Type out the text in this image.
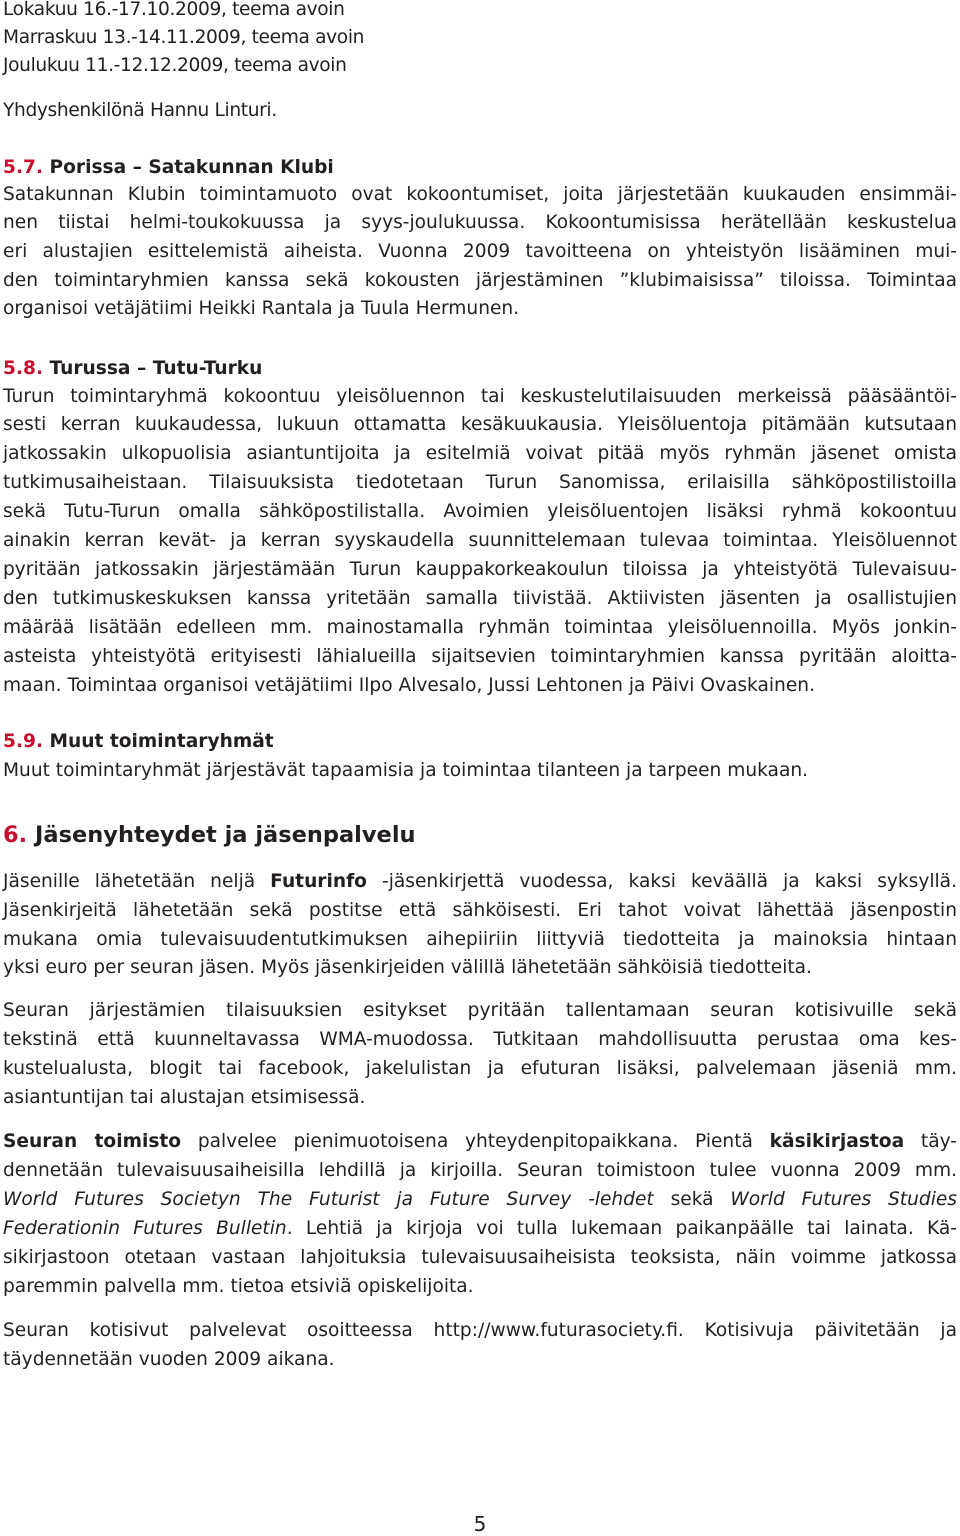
Lokakuu 16.-17.10.2009, teema avoin
Marraskuu 13.-14.11.2009, teema avoin
Joulukuu 11.-12.12.2009, teema avoin
Yhdyshenkilönä Hannu Linturi.
5.7. Porissa – Satakunnan Klubi
Satakunnan Klubin toimintamuoto ovat kokoontumiset, joita järjestetään kuukauden ensimmäi-
nen tiistai helmi-toukokuussa ja syys-joulukuussa. Kokoontumisissa herätellään keskustelua
eri alustajien esittelemistä aiheista. Vuonna 2009 tavoitteena on yhteistyön lisääminen mui-
den toimintaryhmien kanssa sekä kokousten järjestäminen ”klubimaisissa” tiloissa. Toimintaa
organisoi vetäjätiimi Heikki Rantala ja Tuula Hermunen.
5.8. Turussa – Tutu-Turku
Turun toimintaryhmä kokoontuu yleisöluennon tai keskustelutilaisuuden merkeissä pääsääntöi-
sesti kerran kuukaudessa, lukuun ottamatta kesäkuukausia. Yleisöluentoja pitämään kutsutaan
jatkossakin ulkopuolisia asiantuntijoita ja esitelmiä voivat pitää myös ryhmän jäsenet omista
tutkimusaiheistaan. Tilaisuuksista tiedotetaan Turun Sanomissa, erilaisilla sähköpostilistoilla
sekä Tutu-Turun omalla sähköpostilistalla. Avoimien yleisöluentojen lisäksi ryhmä kokoontuu
ainakin kerran kevät- ja kerran syyskaudella suunnittelemaan tulevaa toimintaa. Yleisöluennot
pyritään jatkossakin järjestämään Turun kauppakorkeakoulun tiloissa ja yhteistyötä Tulevaisuu-
den tutkimuskeskuksen kanssa yritetään samalla tiivistää. Aktiivisten jäsenten ja osallistujien
määrää lisätään edelleen mm. mainostamalla ryhmän toimintaa yleisöluennoilla. Myös jonkin-
asteista yhteistyötä erityisesti lähialueilla sijaitsevien toimintaryhmien kanssa pyritään aloitta-
maan. Toimintaa organisoi vetäjätiimi Ilpo Alvesalo, Jussi Lehtonen ja Päivi Ovaskainen.
5.9. Muut toimintaryhmät
Muut toimintaryhmät järjestävät tapaamisia ja toimintaa tilanteen ja tarpeen mukaan.
6. Jäsenyhteydet ja jäsenpalvelu
Jäsenille lähetetään neljä Futurinfo -jäsenkirjettä vuodessa, kaksi keväällä ja kaksi syksyllä.
Jäsenkirjeitä lähetetään sekä postitse että sähköisesti. Eri tahot voivat lähettää jäsenpostin
mukana omia tulevaisuudentutkimuksen aihepiiriin liittyviä tiedotteita ja mainoksia hintaan
yksi euro per seuran jäsen. Myös jäsenkirjeiden välillä lähetetään sähköisiä tiedotteita.
Seuran järjestämien tilaisuuksien esitykset pyritään tallentamaan seuran kotisivuille sekä
tekstinä että kuunneltavassa WMA-muodossa. Tutkitaan mahdollisuutta perustaa oma kes-
kustelualusta, blogit tai facebook, jakelulistan ja efuturan lisäksi, palvelemaan jäseniä mm.
asiantuntijan tai alustajan etsimisessä.
Seuran toimisto palvelee pienimuotoisena yhteydenpitopaikkana. Pientä käsikirjastoa täy-
dennetään tulevaisuusaiheisilla lehdillä ja kirjoilla. Seuran toimistoon tulee vuonna 2009 mm.
World Futures Societyn The Futurist ja Future Survey -lehdet sekä World Futures Studies
Federationin Futures Bulletin. Lehtiä ja kirjoja voi tulla lukemaan paikanpäälle tai lainata. Kä-
sikirjastoon otetaan vastaan lahjoituksia tulevaisuusaiheisista teoksista, näin voimme jatkossa
paremmin palvella mm. tietoa etsiviä opiskelijoita.
Seuran kotisivut palvelevat osoitteessa http://www.futurasociety.fi. Kotisivuja päivitetään ja
täydennetään vuoden 2009 aikana.
5
